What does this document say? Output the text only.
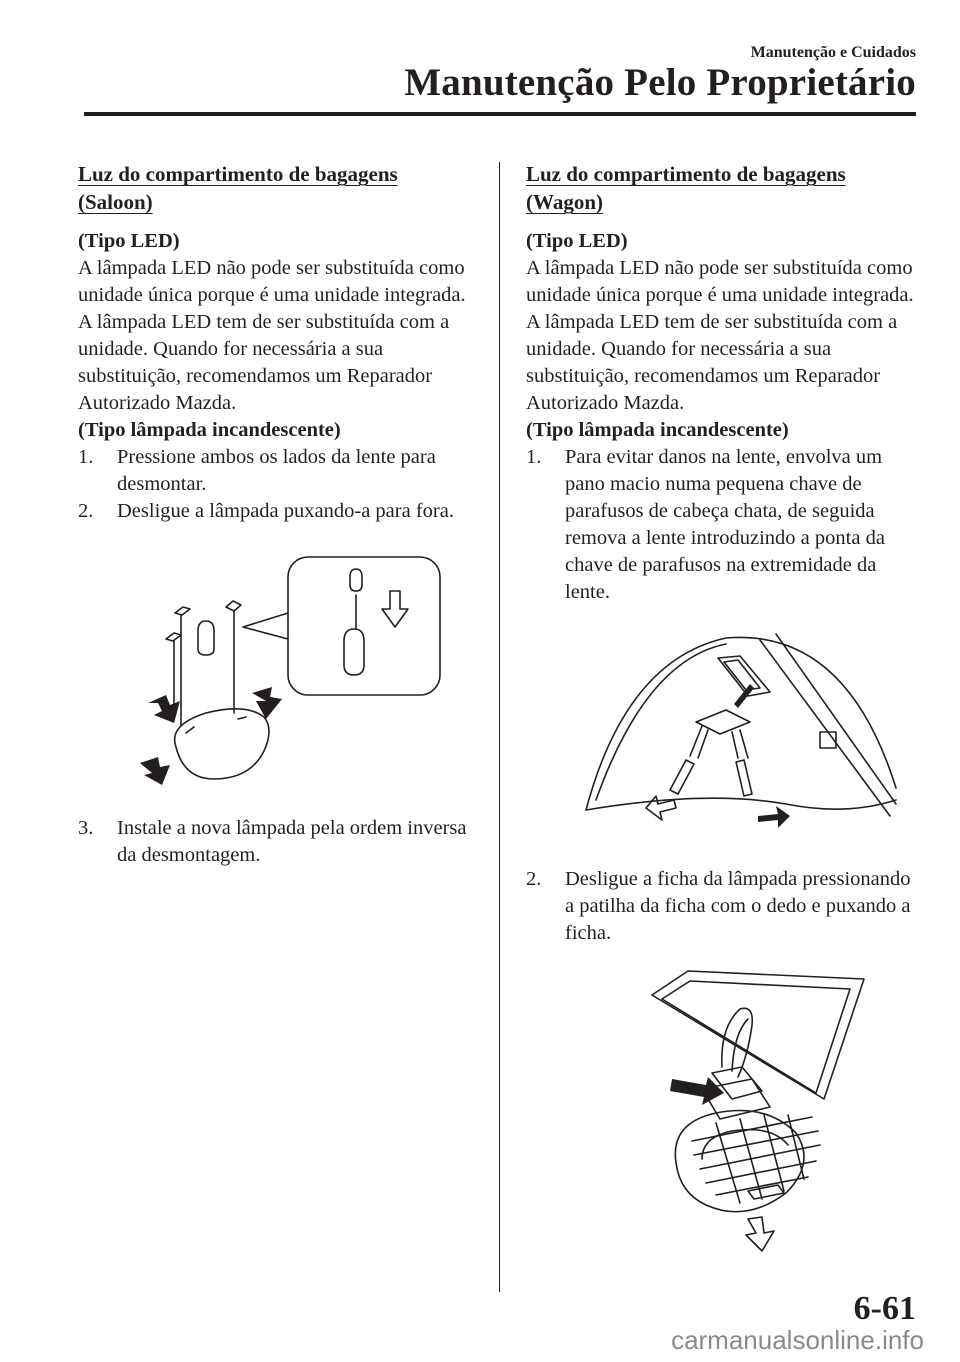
Manutenção e Cuidados
Manutenção Pelo Proprietário
Luz do compartimento de bagagens
(Saloon)

(Tipo LED)

A lâmpada LED não pode ser substituída como unidade única porque é uma unidade integrada.

A lâmpada LED tem de ser substituída com a unidade. Quando for necessária a sua substituição, recomendamos um Reparador Autorizado Mazda.

(Tipo lâmpada incandescente)

1. Pressione ambos os lados da lente para desmontar.
2. Desligue a lâmpada puxando-a para fora.
3. Instale a nova lâmpada pela ordem inversa da desmontagem.
Luz do compartimento de bagagens
(Wagon)

(Tipo LED)

A lâmpada LED não pode ser substituída como unidade única porque é uma unidade integrada.

A lâmpada LED tem de ser substituída com a unidade. Quando for necessária a sua substituição, recomendamos um Reparador Autorizado Mazda.

(Tipo lâmpada incandescente)

1. Para evitar danos na lente, envolva um pano macio numa pequena chave de parafusos de cabeça chata, de seguida remova a lente introduzindo a ponta da chave de parafusos na extremidade da lente.
2. Desligue a ficha da lâmpada pressionando a patilha da ficha com o dedo e puxando a ficha.
6-61
carmanualsonline.info
